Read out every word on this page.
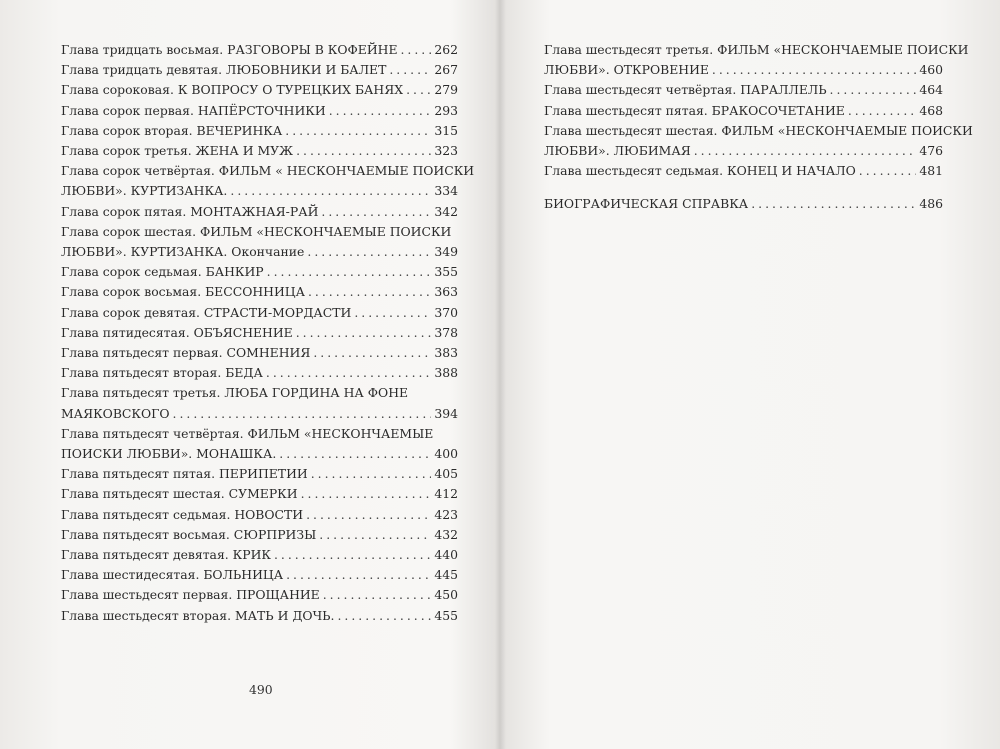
Глава тридцать восьмая. РАЗГОВОРЫ В КОФЕЙНЕ .....	262
Глава тридцать девятая. ЛЮБОВНИКИ И БАЛЕТ .....	267
Глава сороковая. К ВОПРОСУ О ТУРЕЦКИХ БАНЯХ .....	279
Глава сорок первая. НАПЁРСТОЧНИКИ .....	293
Глава сорок вторая. ВЕЧЕРИНКА .....	315
Глава сорок третья. ЖЕНА И МУЖ .....	323
Глава сорок четвёртая. ФИЛЬМ « НЕСКОНЧАЕМЫЕ ПОИСКИ
ЛЮБВИ». КУРТИЗАНКА. .....	334
Глава сорок пятая. МОНТАЖНАЯ-РАЙ .....	342
Глава сорок шестая. ФИЛЬМ «НЕСКОНЧАЕМЫЕ ПОИСКИ
ЛЮБВИ». КУРТИЗАНКА. Окончание .....	349
Глава сорок седьмая. БАНКИР .....	355
Глава сорок восьмая. БЕССОННИЦА .....	363
Глава сорок девятая. СТРАСТИ-МОРДАСТИ .....	370
Глава пятидесятая. ОБЪЯСНЕНИЕ .....	378
Глава пятьдесят первая. СОМНЕНИЯ .....	383
Глава пятьдесят вторая. БЕДА .....	388
Глава пятьдесят третья. ЛЮБА ГОРДИНА НА ФОНЕ
МАЯКОВСКОГО .....	394
Глава пятьдесят четвёртая. ФИЛЬМ «НЕСКОНЧАЕМЫЕ
ПОИСКИ ЛЮБВИ». МОНАШКА. .....	400
Глава пятьдесят пятая. ПЕРИПЕТИИ .....	405
Глава пятьдесят шестая. СУМЕРКИ .....	412
Глава пятьдесят седьмая. НОВОСТИ .....	423
Глава пятьдесят восьмая. СЮРПРИЗЫ .....	432
Глава пятьдесят девятая. КРИК .....	440
Глава шестидесятая. БОЛЬНИЦА .....	445
Глава шестьдесят первая. ПРОЩАНИЕ .....	450
Глава шестьдесят вторая. МАТЬ И ДОЧЬ. .....	455
Глава шестьдесят третья. ФИЛЬМ «НЕСКОНЧАЕМЫЕ ПОИСКИ
ЛЮБВИ». ОТКРОВЕНИЕ .....	460
Глава шестьдесят четвёртая. ПАРАЛЛЕЛЬ .....	464
Глава шестьдесят пятая. БРАКОСОЧЕТАНИЕ .....	468
Глава шестьдесят шестая. ФИЛЬМ «НЕСКОНЧАЕМЫЕ ПОИСКИ
ЛЮБВИ». ЛЮБИМАЯ .....	476
Глава шестьдесят седьмая. КОНЕЦ И НАЧАЛО .....	481
БИОГРАФИЧЕСКАЯ СПРАВКА .....	486
490
